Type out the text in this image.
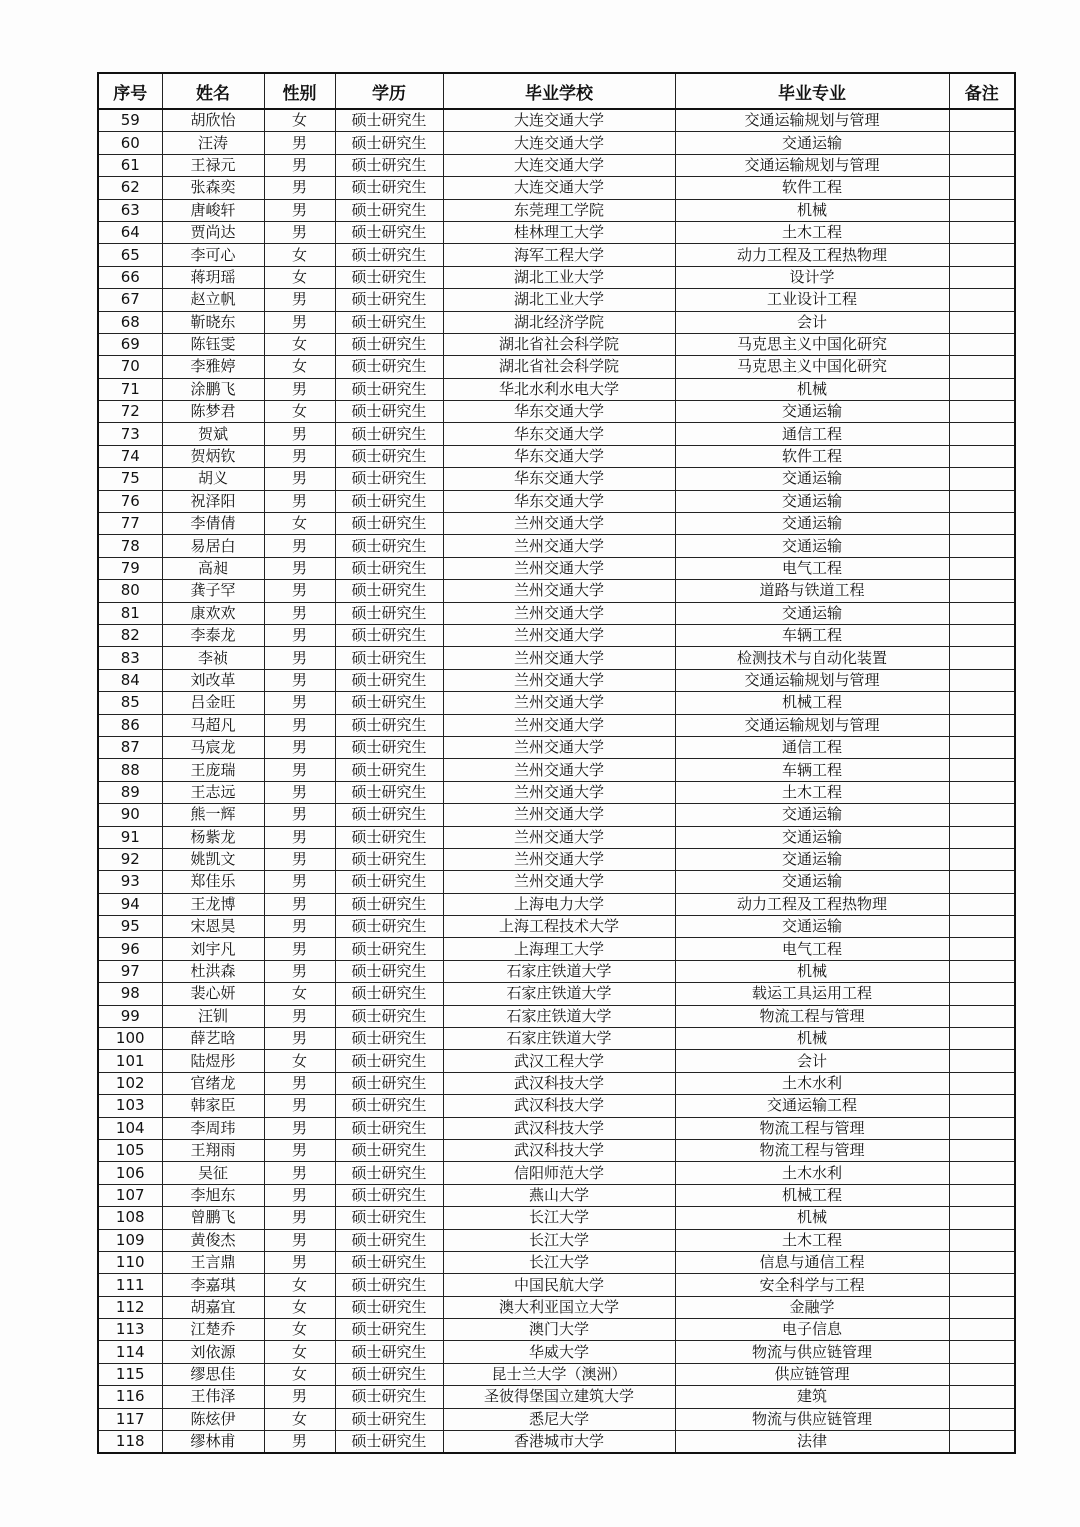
序号	姓名	性别	学历	毕业学校	毕业专业	备注
59	胡欣怡	女	硕士研究生	大连交通大学	交通运输规划与管理	
60	汪涛	男	硕士研究生	大连交通大学	交通运输	
61	王禄元	男	硕士研究生	大连交通大学	交通运输规划与管理	
62	张森奕	男	硕士研究生	大连交通大学	软件工程	
63	唐峻轩	男	硕士研究生	东莞理工学院	机械	
64	贾尚达	男	硕士研究生	桂林理工大学	土木工程	
65	李可心	女	硕士研究生	海军工程大学	动力工程及工程热物理	
66	蒋玥瑶	女	硕士研究生	湖北工业大学	设计学	
67	赵立帆	男	硕士研究生	湖北工业大学	工业设计工程	
68	靳晓东	男	硕士研究生	湖北经济学院	会计	
69	陈钰雯	女	硕士研究生	湖北省社会科学院	马克思主义中国化研究	
70	李雅婷	女	硕士研究生	湖北省社会科学院	马克思主义中国化研究	
71	涂鹏飞	男	硕士研究生	华北水利水电大学	机械	
72	陈梦君	女	硕士研究生	华东交通大学	交通运输	
73	贺斌	男	硕士研究生	华东交通大学	通信工程	
74	贺炳钦	男	硕士研究生	华东交通大学	软件工程	
75	胡义	男	硕士研究生	华东交通大学	交通运输	
76	祝泽阳	男	硕士研究生	华东交通大学	交通运输	
77	李倩倩	女	硕士研究生	兰州交通大学	交通运输	
78	易居白	男	硕士研究生	兰州交通大学	交通运输	
79	高昶	男	硕士研究生	兰州交通大学	电气工程	
80	龚子罕	男	硕士研究生	兰州交通大学	道路与铁道工程	
81	康欢欢	男	硕士研究生	兰州交通大学	交通运输	
82	李泰龙	男	硕士研究生	兰州交通大学	车辆工程	
83	李祯	男	硕士研究生	兰州交通大学	检测技术与自动化装置	
84	刘改革	男	硕士研究生	兰州交通大学	交通运输规划与管理	
85	吕金旺	男	硕士研究生	兰州交通大学	机械工程	
86	马超凡	男	硕士研究生	兰州交通大学	交通运输规划与管理	
87	马宸龙	男	硕士研究生	兰州交通大学	通信工程	
88	王庞瑞	男	硕士研究生	兰州交通大学	车辆工程	
89	王志远	男	硕士研究生	兰州交通大学	土木工程	
90	熊一辉	男	硕士研究生	兰州交通大学	交通运输	
91	杨紫龙	男	硕士研究生	兰州交通大学	交通运输	
92	姚凯文	男	硕士研究生	兰州交通大学	交通运输	
93	郑佳乐	男	硕士研究生	兰州交通大学	交通运输	
94	王龙博	男	硕士研究生	上海电力大学	动力工程及工程热物理	
95	宋恩昊	男	硕士研究生	上海工程技术大学	交通运输	
96	刘宇凡	男	硕士研究生	上海理工大学	电气工程	
97	杜洪森	男	硕士研究生	石家庄铁道大学	机械	
98	裴心妍	女	硕士研究生	石家庄铁道大学	载运工具运用工程	
99	汪钏	男	硕士研究生	石家庄铁道大学	物流工程与管理	
100	薛艺晗	男	硕士研究生	石家庄铁道大学	机械	
101	陆煜彤	女	硕士研究生	武汉工程大学	会计	
102	官绪龙	男	硕士研究生	武汉科技大学	土木水利	
103	韩家臣	男	硕士研究生	武汉科技大学	交通运输工程	
104	李周玮	男	硕士研究生	武汉科技大学	物流工程与管理	
105	王翔雨	男	硕士研究生	武汉科技大学	物流工程与管理	
106	吴征	男	硕士研究生	信阳师范大学	土木水利	
107	李旭东	男	硕士研究生	燕山大学	机械工程	
108	曾鹏飞	男	硕士研究生	长江大学	机械	
109	黄俊杰	男	硕士研究生	长江大学	土木工程	
110	王言鼎	男	硕士研究生	长江大学	信息与通信工程	
111	李嘉琪	女	硕士研究生	中国民航大学	安全科学与工程	
112	胡嘉宜	女	硕士研究生	澳大利亚国立大学	金融学	
113	江楚乔	女	硕士研究生	澳门大学	电子信息	
114	刘依源	女	硕士研究生	华威大学	物流与供应链管理	
115	缪思佳	女	硕士研究生	昆士兰大学（澳洲）	供应链管理	
116	王伟泽	男	硕士研究生	圣彼得堡国立建筑大学	建筑	
117	陈炫伊	女	硕士研究生	悉尼大学	物流与供应链管理	
118	缪林甫	男	硕士研究生	香港城市大学	法律	
